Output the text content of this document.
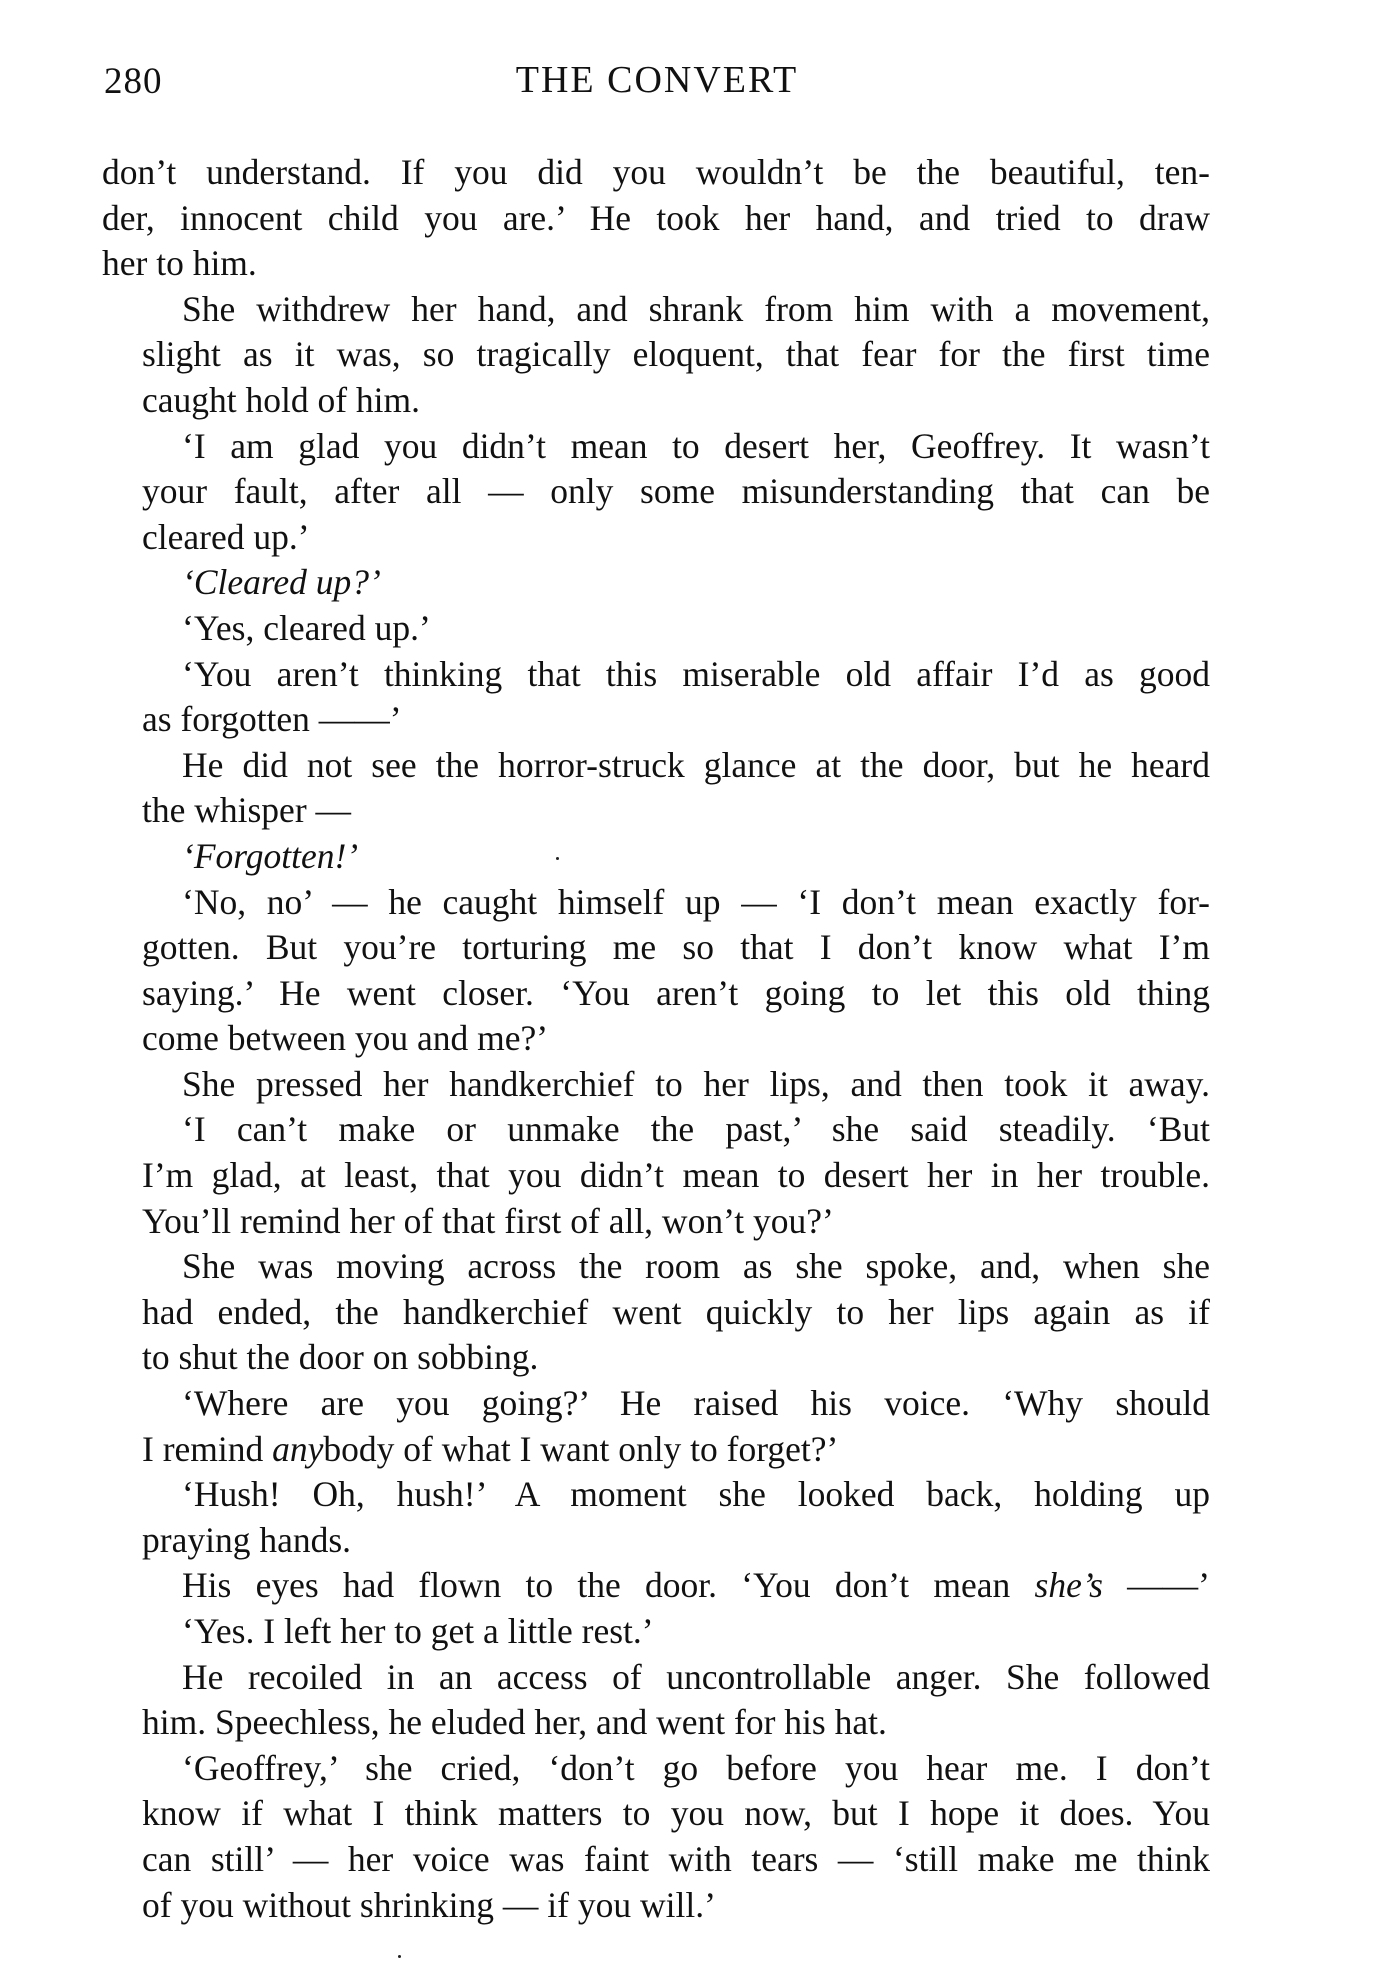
280	THE CONVERT

don’t understand. If you did you wouldn’t be the beautiful, ten-
der, innocent child you are.’ He took her hand, and tried to draw
her to him.

She withdrew her hand, and shrank from him with a movement,
slight as it was, so tragically eloquent, that fear for the first time
caught hold of him.

‘I am glad you didn’t mean to desert her, Geoffrey. It wasn’t
your fault, after all — only some misunderstanding that can be
cleared up.’

‘Cleared up?’

‘Yes, cleared up.’

‘You aren’t thinking that this miserable old affair I’d as good
as forgotten ——’

He did not see the horror-struck glance at the door, but he heard
the whisper —

‘Forgotten!’

‘No, no’ — he caught himself up — ‘I don’t mean exactly for-
gotten. But you’re torturing me so that I don’t know what I’m
saying.’ He went closer. ‘You aren’t going to let this old thing
come between you and me?’

She pressed her handkerchief to her lips, and then took it away.
‘I can’t make or unmake the past,’ she said steadily. ‘But
I’m glad, at least, that you didn’t mean to desert her in her trouble.
You’ll remind her of that first of all, won’t you?’

She was moving across the room as she spoke, and, when she
had ended, the handkerchief went quickly to her lips again as if
to shut the door on sobbing.

‘Where are you going?’ He raised his voice. ‘Why should
I remind anybody of what I want only to forget?’

‘Hush! Oh, hush!’ A moment she looked back, holding up
praying hands.

His eyes had flown to the door. ‘You don’t mean she’s ——’

‘Yes. I left her to get a little rest.’

He recoiled in an access of uncontrollable anger. She followed
him. Speechless, he eluded her, and went for his hat.

‘Geoffrey,’ she cried, ‘don’t go before you hear me. I don’t
know if what I think matters to you now, but I hope it does. You
can still’ — her voice was faint with tears — ‘still make me think
of you without shrinking — if you will.’
